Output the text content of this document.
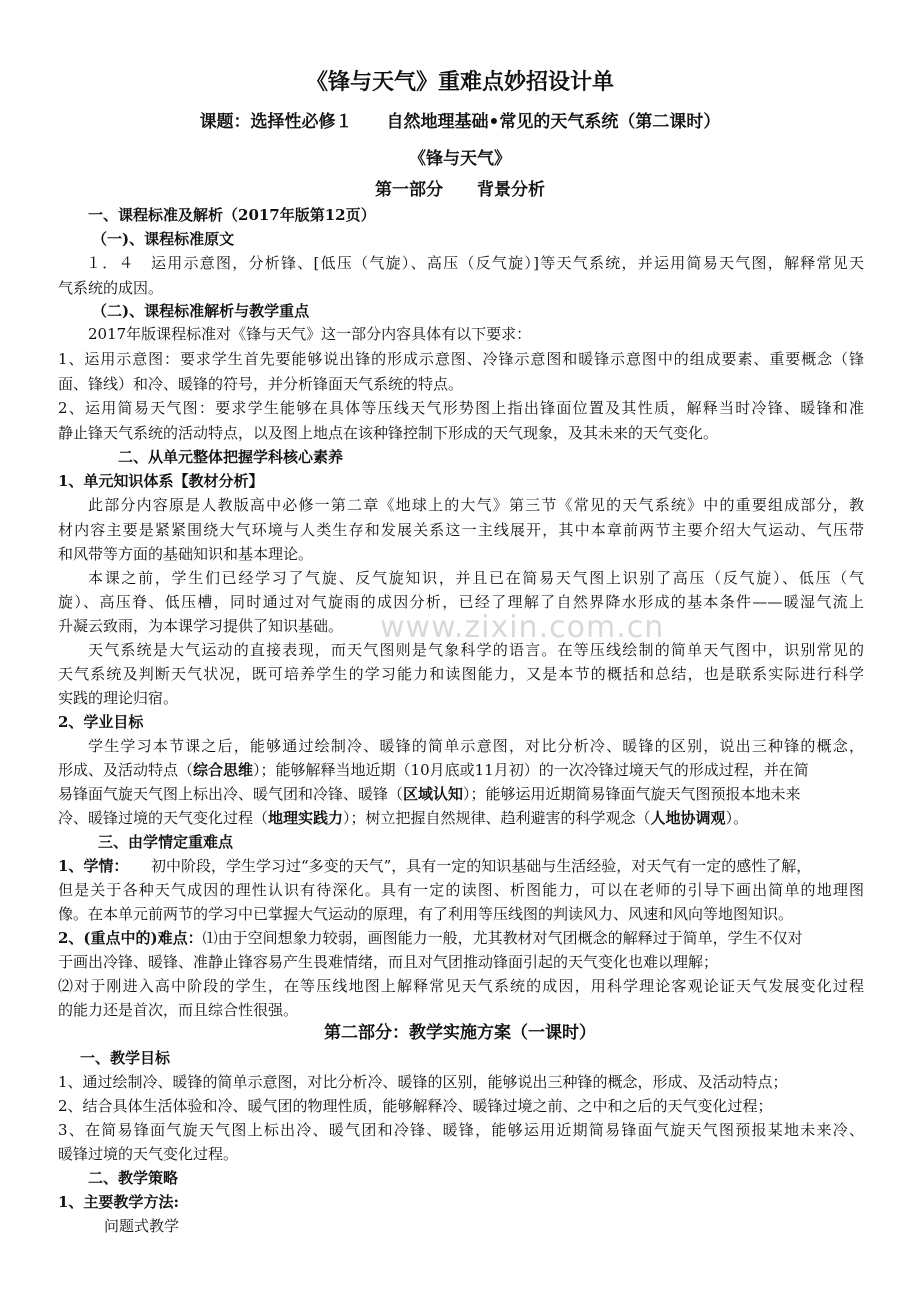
《锋与天气》重难点妙招设计单
课题：选择性必修１　　自然地理基础•常见的天气系统（第二课时）
《锋与天气》
第一部分　　背景分析
一、课程标准及解析（2017年版第12页）
（一)、课程标准原文
１．４　运用示意图，分析锋、[低压（气旋）、高压（反气旋）]等天气系统，并运用简易天气图，解释常见天
气系统的成因。
（二)、课程标准解析与教学重点
2017年版课程标准对《锋与天气》这一部分内容具体有以下要求：
1、运用示意图：要求学生首先要能够说出锋的形成示意图、冷锋示意图和暖锋示意图中的组成要素、重要概念（锋
面、锋线）和冷、暖锋的符号，并分析锋面天气系统的特点。
2、运用简易天气图：要求学生能够在具体等压线天气形势图上指出锋面位置及其性质，解释当时冷锋、暖锋和准
静止锋天气系统的活动特点，以及图上地点在该种锋控制下形成的天气现象，及其未来的天气变化。
二、从单元整体把握学科核心素养
1、单元知识体系【教材分析】
此部分内容原是人教版高中必修一第二章《地球上的大气》第三节《常见的天气系统》中的重要组成部分，教
材内容主要是紧紧围绕大气环境与人类生存和发展关系这一主线展开，其中本章前两节主要介绍大气运动、气压带
和风带等方面的基础知识和基本理论。
本课之前，学生们已经学习了气旋、反气旋知识，并且已在简易天气图上识别了高压（反气旋）、低压（气
旋）、高压脊、低压槽，同时通过对气旋雨的成因分析，已经了理解了自然界降水形成的基本条件——暖湿气流上
升凝云致雨，为本课学习提供了知识基础。
天气系统是大气运动的直接表现，而天气图则是气象科学的语言。在等压线绘制的简单天气图中，识别常见的
天气系统及判断天气状况，既可培养学生的学习能力和读图能力，又是本节的概括和总结，也是联系实际进行科学
实践的理论归宿。
2、学业目标
学生学习本节课之后，能够通过绘制冷、暖锋的简单示意图，对比分析冷、暖锋的区别，说出三种锋的概念，
形成、及活动特点（综合思维）；能够解释当地近期（10月底或11月初）的一次冷锋过境天气的形成过程，并在简
易锋面气旋天气图上标出冷、暖气团和冷锋、暖锋（区域认知）；能够运用近期简易锋面气旋天气图预报本地未来
冷、暖锋过境的天气变化过程（地理实践力）；树立把握自然规律、趋利避害的科学观念（人地协调观）。
三、由学情定重难点
1、学情：　　初中阶段，学生学习过“多变的天气”，具有一定的知识基础与生活经验，对天气有一定的感性了解，
但是关于各种天气成因的理性认识有待深化。具有一定的读图、析图能力，可以在老师的引导下画出简单的地理图
像。在本单元前两节的学习中已掌握大气运动的原理，有了利用等压线图的判读风力、风速和风向等地图知识。
2、(重点中的)难点：⑴由于空间想象力较弱，画图能力一般，尤其教材对气团概念的解释过于简单，学生不仅对
于画出冷锋、暖锋、准静止锋容易产生畏难情绪，而且对气团推动锋面引起的天气变化也难以理解；
⑵对于刚进入高中阶段的学生，在等压线地图上解释常见天气系统的成因，用科学理论客观论证天气发展变化过程
的能力还是首次，而且综合性很强。
第二部分：教学实施方案（一课时）
一、教学目标
1、通过绘制冷、暖锋的简单示意图，对比分析冷、暖锋的区别，能够说出三种锋的概念，形成、及活动特点；
2、结合具体生活体验和冷、暖气团的物理性质，能够解释冷、暖锋过境之前、之中和之后的天气变化过程；
3、在简易锋面气旋天气图上标出冷、暖气团和冷锋、暖锋，能够运用近期简易锋面气旋天气图预报某地未来冷、
暖锋过境的天气变化过程。
二、教学策略
1、主要教学方法:
问题式教学
www.zixin.com.cn
